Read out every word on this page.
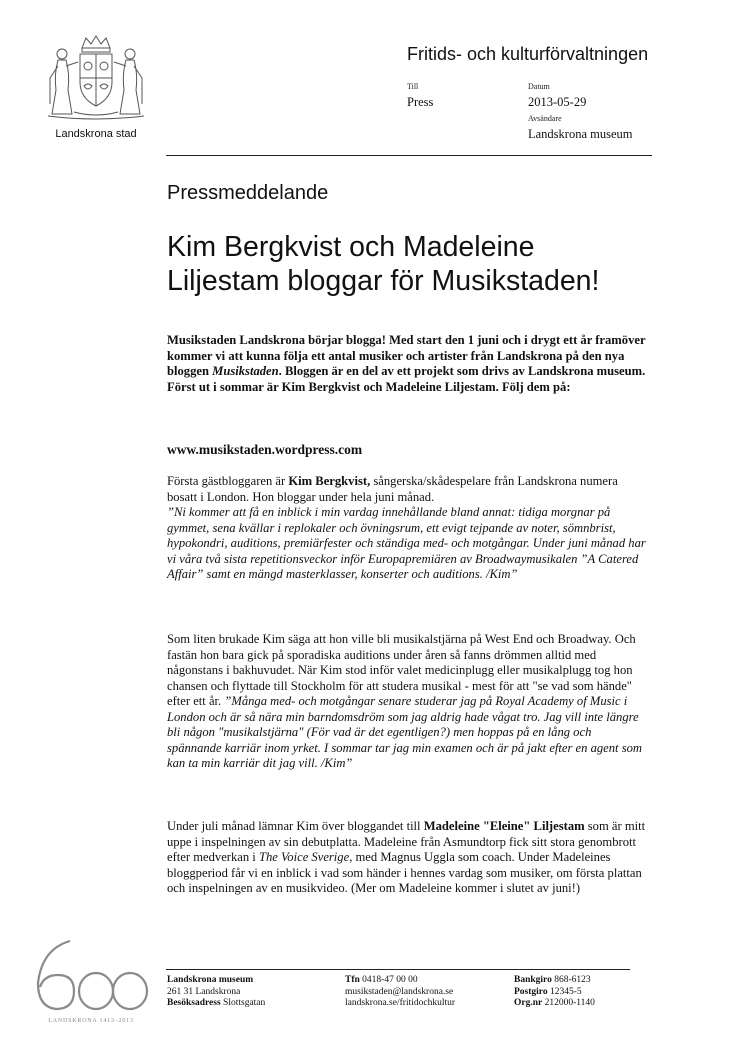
Landskrona stad
Fritids- och kulturförvaltningen
Till
Press
Datum
2013-05-29
Avsändare
Landskrona museum
Pressmeddelande
Kim Bergkvist och Madeleine
Liljestam bloggar för Musikstaden!
Musikstaden Landskrona börjar blogga! Med start den 1 juni och i drygt ett år framöver kommer vi att kunna följa ett antal musiker och artister från Landskrona på den nya bloggen Musikstaden. Bloggen är en del av ett projekt som drivs av Landskrona museum. Först ut i sommar är Kim Bergkvist och Madeleine Liljestam. Följ dem på:
www.musikstaden.wordpress.com
Första gästbloggaren är Kim Bergkvist, sångerska/skådespelare från Landskrona numera bosatt i London. Hon bloggar under hela juni månad.
”Ni kommer att få en inblick i min vardag innehållande bland annat: tidiga morgnar på gymmet, sena kvällar i replokaler och övningsrum, ett evigt tejpande av noter, sömnbrist, hypokondri, auditions, premiärfester och ständiga med- och motgångar. Under juni månad har vi våra två sista repetitionsveckor inför Europapremiären av Broadwaymusikalen ”A Catered Affair” samt en mängd masterklasser, konserter och auditions. /Kim”
Som liten brukade Kim säga att hon ville bli musikalstjärna på West End och Broadway. Och fastän hon bara gick på sporadiska auditions under åren så fanns drömmen alltid med någonstans i bakhuvudet. När Kim stod inför valet medicinplugg eller musikalplugg tog hon chansen och flyttade till Stockholm för att studera musikal - mest för att "se vad som hände" efter ett år. ”Många med- och motgångar senare studerar jag på Royal Academy of Music i London och är så nära min barndomsdröm som jag aldrig hade vågat tro. Jag vill inte längre bli någon "musikalstjärna" (För vad är det egentligen?) men hoppas på en lång och spännande karriär inom yrket. I sommar tar jag min examen och är på jakt efter en agent som kan ta min karriär dit jag vill. /Kim”
Under juli månad lämnar Kim över bloggandet till Madeleine "Eleine" Liljestam som är mitt uppe i inspelningen av sin debutplatta. Madeleine från Asmundtorp fick sitt stora genombrott efter medverkan i The Voice Sverige, med Magnus Uggla som coach. Under Madeleines bloggperiod får vi en inblick i vad som händer i hennes vardag som musiker, om första plattan och inspelningen av en musikvideo. (Mer om Madeleine kommer i slutet av juni!)
LANDSKRONA 1413–2013
Landskrona museum
261 31 Landskrona
Besöksadress Slottsgatan
Tfn 0418-47 00 00
musikstaden@landskrona.se
landskrona.se/fritidochkultur
Bankgiro 868-6123
Postgiro 12345-5
Org.nr 212000-1140
